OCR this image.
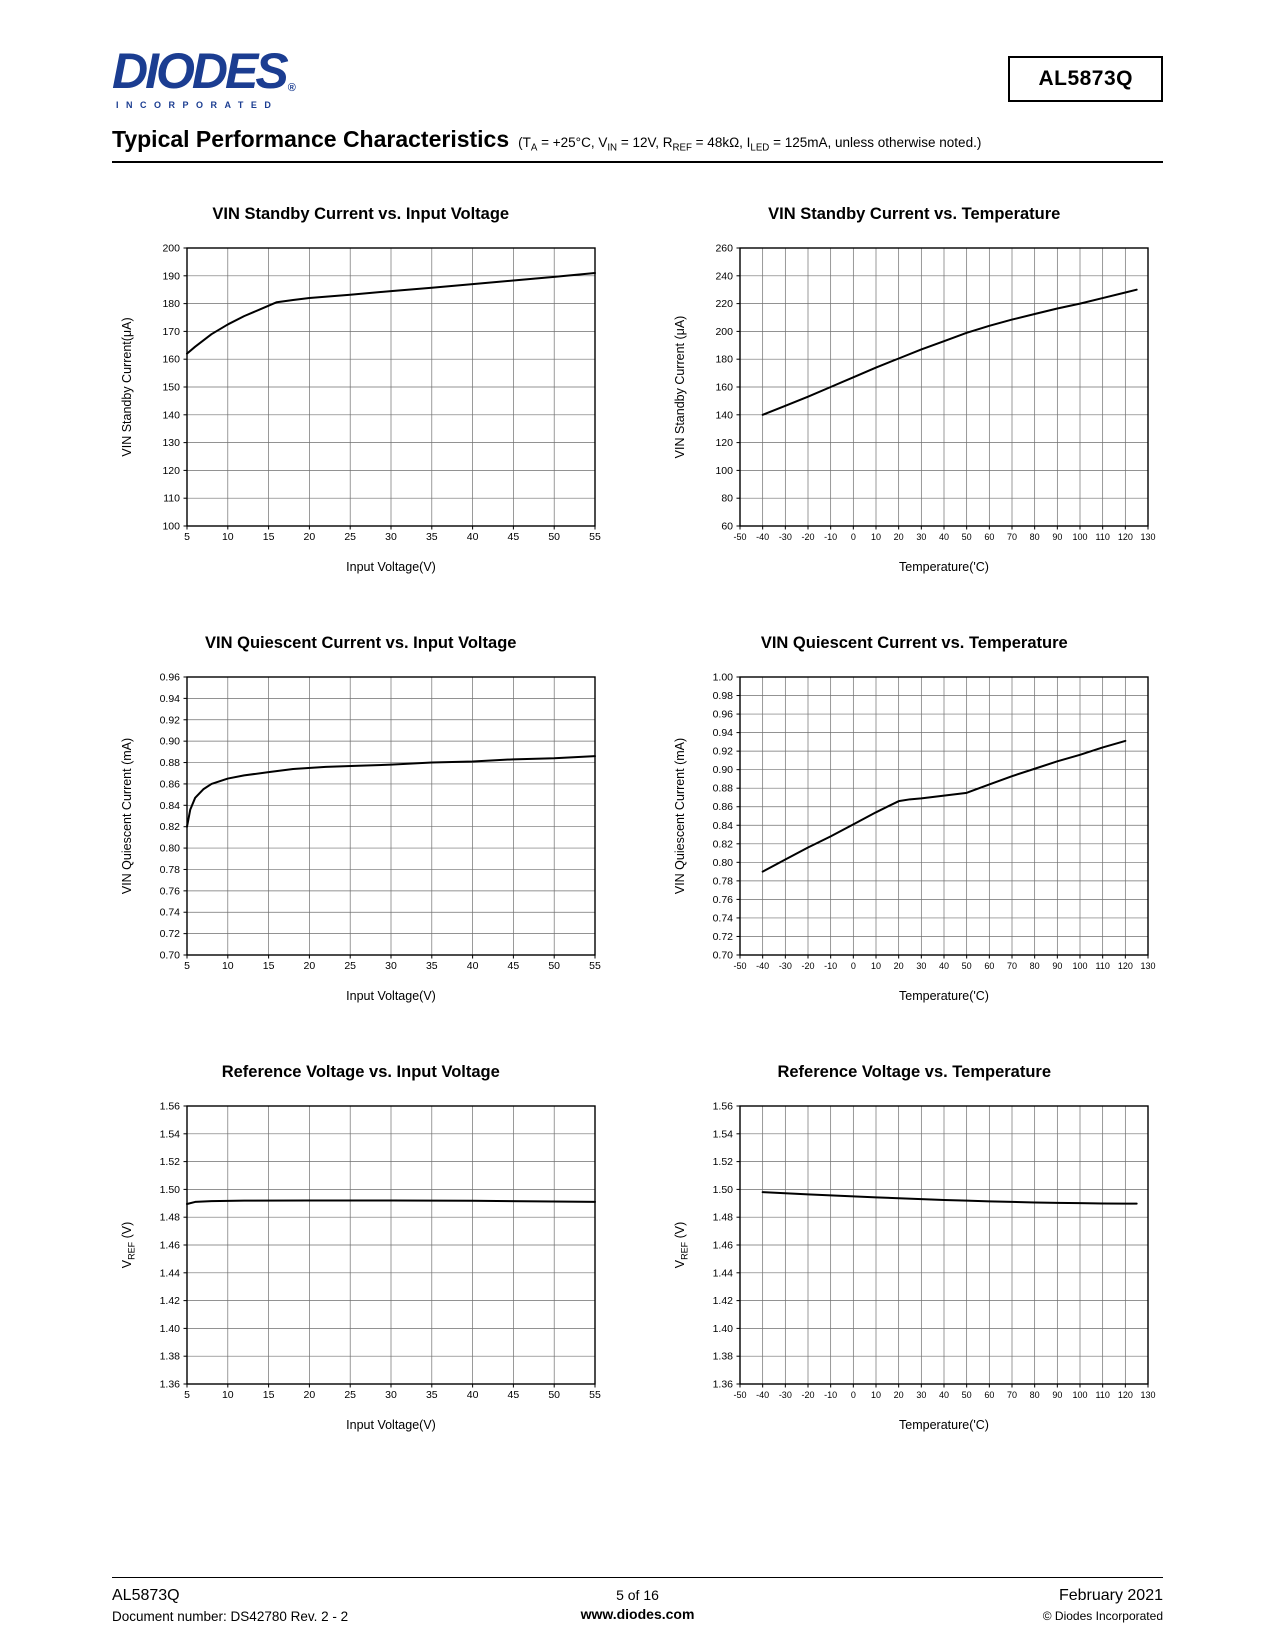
DIODES ®
INCORPORATED
AL5873Q
Typical Performance Characteristics ($T_A = +25^\circ C$, $V_{IN} = 12V$, $R_{REF} = 48k\Omega$, $I_{LED} = 125mA$, unless otherwise noted.)
VIN Standby Current vs. Input Voltage
5	10	15	20	25	30	35	40	45	50	55
100
110
120
130
140
150
160
170
180
190
200
Input Voltage(V)
VIN Standby Current(μA)
VIN Standby Current vs. Temperature
-50 -40 -30 -20 -10 0 10 20 30 40 50 60 70 80 90 100 110 120 130
60
80
100
120
140
160
180
200
220
240
260
Temperature('C)
VIN Standby Current (μA)
VIN Quiescent Current vs. Input Voltage
5	10	15	20	25	30	35	40	45	50	55
0.70
0.72
0.74
0.76
0.78
0.80
0.82
0.84
0.86
0.88
0.90
0.92
0.94
0.96
Input Voltage(V)
VIN Quiescent Current (mA)
VIN Quiescent Current vs. Temperature
-50 -40 -30 -20 -10 0 10 20 30 40 50 60 70 80 90 100 110 120 130
0.70
0.72
0.74
0.76
0.78
0.80
0.82
0.84
0.86
0.88
0.90
0.92
0.94
0.96
0.98
1.00
Temperature('C)
VIN Quiescent Current (mA)
Reference Voltage vs. Input Voltage
5	10	15	20	25	30	35	40	45	50	55
1.36
1.38
1.40
1.42
1.44
1.46
1.48
1.50
1.52
1.54
1.56
Input Voltage(V)
$V_{REF}$ (V)
Reference Voltage vs. Temperature
-50 -40 -30 -20 -10 0 10 20 30 40 50 60 70 80 90 100 110 120 130
1.36
1.38
1.40
1.42
1.44
1.46
1.48
1.50
1.52
1.54
1.56
Temperature('C)
$V_{REF}$ (V)
AL5873Q
Document number: DS42780 Rev. 2 - 2
5 of 16
www.diodes.com
February 2021
© Diodes Incorporated
